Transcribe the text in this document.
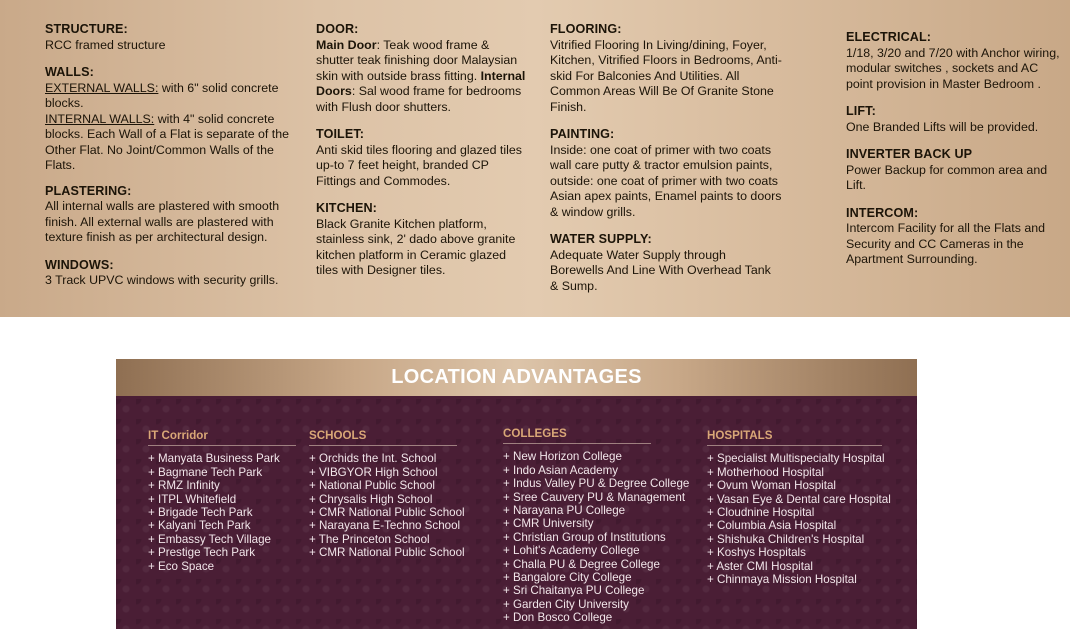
STRUCTURE:

RCC framed structure

WALLS:

EXTERNAL WALLS: with 6" solid concrete blocks.

INTERNAL WALLS: with 4" solid concrete blocks. Each Wall of a Flat is separate of the Other Flat. No Joint/Common Walls of the Flats.

PLASTERING:

All internal walls are plastered with smooth finish. All external walls are plastered with texture finish as per architectural design.

WINDOWS:

3 Track UPVC windows with security grills.

DOOR:

Main Door: Teak wood frame & shutter teak finishing door Malaysian skin with outside brass fitting. Internal Doors: Sal wood frame for bedrooms with Flush door shutters.

TOILET:

Anti skid tiles flooring and glazed tiles up-to 7 feet height, branded CP Fittings and Commodes.

KITCHEN:

Black Granite Kitchen platform, stainless sink, 2' dado above granite kitchen platform in Ceramic glazed tiles with Designer tiles.

FLOORING:

Vitrified Flooring In Living/dining, Foyer, Kitchen, Vitrified Floors in Bedrooms, Anti-skid For Balconies And Utilities. All Common Areas Will Be Of Granite Stone Finish.

PAINTING:

Inside: one coat of primer with two coats wall care putty & tractor emulsion paints, outside: one coat of primer with two coats Asian apex paints, Enamel paints to doors & window grills.

WATER SUPPLY:

Adequate Water Supply through Borewells And Line With Overhead Tank & Sump.

ELECTRICAL:

1/18, 3/20 and 7/20 with Anchor wiring, modular switches , sockets and AC point provision in Master Bedroom .

LIFT:

One Branded Lifts will be provided.

INVERTER BACK UP

Power Backup for common area and Lift.

INTERCOM:

Intercom Facility for all the Flats and Security and CC Cameras in the Apartment Surrounding.

LOCATION ADVANTAGES
IT Corridor
+ Manyata Business Park
+ Bagmane Tech Park
+ RMZ Infinity
+ ITPL Whitefield
+ Brigade Tech Park
+ Kalyani Tech Park
+ Embassy Tech Village
+ Prestige Tech Park
+ Eco Space
SCHOOLS
+ Orchids the Int. School
+ VIBGYOR High School
+ National Public School
+ Chrysalis High School
+ CMR National Public School
+ Narayana E-Techno School
+ The Princeton School
+ CMR National Public School
COLLEGES
+ New Horizon College
+ Indo Asian Academy
+ Indus Valley PU & Degree College
+ Sree Cauvery PU & Management
+ Narayana PU College
+ CMR University
+ Christian Group of Institutions
+ Lohit's Academy College
+ Challa PU & Degree College
+ Bangalore City College
+ Sri Chaitanya PU College
+ Garden City University
+ Don Bosco College
HOSPITALS
+ Specialist Multispecialty Hospital
+ Motherhood Hospital
+ Ovum Woman Hospital
+ Vasan Eye & Dental care Hospital
+ Cloudnine Hospital
+ Columbia Asia Hospital
+ Shishuka Children's Hospital
+ Koshys Hospitals
+ Aster CMI Hospital
+ Chinmaya Mission Hospital
